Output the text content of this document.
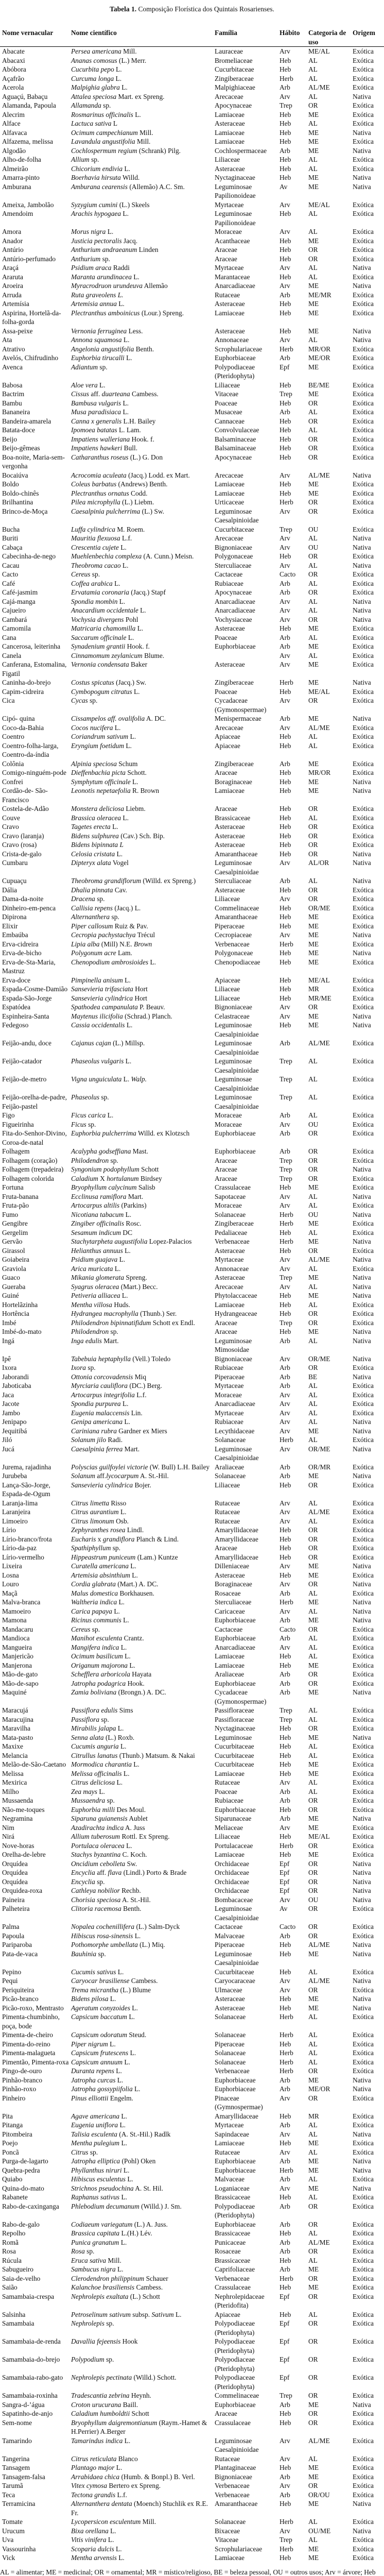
Tabela 1. Composição Florística dos Quintais Rosarienses.
Nome vernacular	Nome científico	Família	Hábito	Categoria de uso	Origem
Abacate	Persea americana Mill.	Lauraceae	Arv	ME/AL	Exótica
Abacaxi	Ananas comosus (L.) Merr.	Bromeliaceae	Heb	AL	Exótica
Abóbora	Cucurbita pepo L.	Cucurbitaceae	Heb	AL	Exótica
Açafrão	Curcuma longa L.	Zingiberaceae	Herb	AL	Exótica
Acerola	Malpighia glabra L.	Malpighiaceae	Arb	AL/ME	Exótica
Aguaçú, Babaçu	Attalea speciosa Mart. ex Spreng.	Arecaceae	Arv	AL	Nativa
Alamanda, Papoula	Allamanda sp.	Apocynaceae	Trep	OR	Exótica
Alecrim	Rosmarinus officinalis L.	Lamiaceae	Heb	ME	Exótica
Alface	Lactuca sativa L	Asteraceae	Heb	AL	Exótica
Alfavaca	Ocimum campechianum Mill.	Lamiaceae	Heb	ME	Nativa
Alfazema, melissa	Lavandula angustifolia Mill.	Lamiaceae	Heb	ME	Exótica
Algodão	Cochlospermum regium (Schrank) Pilg.	Cochlospermaceae	Arb	ME	Nativa
Alho-de-folha	Allium sp.	Liliaceae	Heb	AL	Exótica
Almeirão	Chicorium endivia L.	Asteraceae	Heb	AL	Exótica
Amarra-pinto	Boerhavia hirsuta Willd.	Nyctaginaceae	Heb	ME	Nativa
Amburana	Amburana cearensis (Allemão) A.C. Sm.	Leguminosae Papilionoideae	Av	ME	Nativa
Ameixa, Jambolão	Syzygium cumini (L.) Skeels	Myrtaceae	Arv	ME/AL	Exótica
Amendoim	Arachis hypogaea L.	Leguminosae Papilionoideae	Heb	AL	Exótica
Amora	Morus nigra L.	Moraceae	Arv	AL	Exótica
Anador	Justicia pectoralis Jacq.	Acanthaceae	Heb	ME	Exótica
Antúrio	Anthurium andraeanum Linden	Araceae	Heb	OR	Exótica
Antúrio-perfumado	Anthurium sp.	Araceae	Heb	OR	Exótica
Araçá	Psidium araca Raddi	Myrtaceae	Arv	AL	Nativa
Araruta	Maranta arundinacea L.	Marantaceae	Heb	AL	Exótica
Aroeira	Myracrodruon urundeuva Allemão	Anarcadiaceae	Arv	ME	Nativa
Arruda	Ruta graveolens L.	Rutaceae	Arb	ME/MR	Exótica
Artemísia	Artemisia annua L.	Asteraceae	Heb	ME	Exótica
Aspirina, Hortelã-da-folha-gorda	Plectranthus amboinicus (Lour.) Spreng.	Lamiaceae	Heb	ME	Exótica
Assa-peixe	Vernonia ferruginea Less.	Asteraceae	Heb	ME	Nativa
Ata	Annona squamosa L.	Annonaceae	Arv	AL	Nativa
Atrativo	Angelonia angustifolia Benth.	Scrophulariaceae	Herb	MR/OR	Exótica
Avelós, Chifrudinho	Euphorbia tirucalli L.	Euphorbiaceae	Arb	ME/OR	Exótica
Avenca	Adiantum sp.	Polypodiaceae (Pteridophyta)	Epf	ME	Exótica
Babosa	Aloe vera L.	Liliaceae	Heb	BE/ME	Exótica
Bactrim	Cissus aff. duarteana Cambess.	Vitaceae	Trep	ME	Exótica
Bambu	Bambusa vulgaris L.	Poaceae	Heb	OR	Exótica
Bananeira	Musa paradisiaca L.	Musaceae	Arb	AL	Exótica
Bandeira-amarela	Canna x generalis L.H. Bailey	Cannaceae	Heb	OR	Exótica
Batata-doce	Ipomoea batatas L. Lam.	Convolvulaceae	Heb	AL	Exótica
Beijo	Impatiens walleriana Hook. f.	Balsaminaceae	Heb	OR	Exótica
Beijo-gêmeas	Impatiens hawkeri Bull.	Balsaminaceae	Heb	OR	Exótica
Boa-noite, Maria-sem-vergonha	Catharanthus roseus (L.) G. Don	Apocynaceae	Heb	OR	Exótica
Bocaiúva	Acrocomia aculeata (Jacq.) Lodd. ex Mart.	Arecaceae	Arv	AL/ME	Nativa
Boldo	Coleus barbatus (Andrews) Benth.	Lamiaceae	Heb	ME	Exótica
Boldo-chinês	Plectranthus ornatus Codd.	Lamiaceae	Heb	ME	Exótica
Brilhantina	Pilea microphylla (L.) Liebm.	Urticaceae	Herb	OR	Exótica
Brinco-de-Moça	Caesalpinia pulcherrima (L.) Sw.	Leguminosae Caesalpinioidae	Arv	OR	Exótica
Bucha	Luffa cylindrica M. Roem.	Cucurbitaceae	Trep	OU	Exótica
Buriti	Mauritia flexuosa L.f.	Arecaceae	Arv	AL	Nativa
Cabaça	Crescentia cujete L.	Bignoniaceae	Arv	OU	Nativa
Cabecinha-de-nego	Muehlenbechia complexa (A. Cunn.) Meisn.	Polygonaceae	Heb	OR	Exótica
Cacau	Theobroma cacao L.	Sterculiaceae	Arv	AL	Nativa
Cacto	Cereus sp.	Cactaceae	Cacto	OR	Exótica
Café	Coffea arabica L.	Rubiaceae	Arb	AL	Exótica
Café-jasmim	Ervatamia coronaria (Jacq.) Stapf	Apocynaceae	Arb	OR	Exótica
Cajá-manga	Spondia mombin L.	Anarcadiaceae	Arv	AL	Nativa
Cajueiro	Anacardium occidentale L.	Anarcadiaceae	Arv	AL	Nativa
Cambará	Vochysia divergens Pohl	Vochysiaceae	Arv	OR	Nativa
Camomila	Matricaria chamomilla L.	Asteraceae	Heb	ME	Exótica
Cana	Saccarum officinale L.	Poaceae	Arb	AL	Exótica
Cancerosa, leiterinha	Synadenium grantii Hook. f.	Euphorbiaceae	Arb	ME	Exótica
Canela	Cinnamomum zeylanicum Blume.		Arv	AL	Exótica
Canferana, Estomalina, Figatil	Vernonia condensata Baker	Asteraceae	Arv	ME	Exótica
Caninha-do-brejo	Costus spicatus (Jacq.) Sw.	Zingiberaceae	Herb	ME	Nativa
Capim-cidreira	Cymbopogum citratus L.	Poaceae	Heb	ME/AL	Exótica
Cica	Cycas sp.	Cycadaceae (Gymonospermae)	Arv	OR	Exótica
Cipó- quina	Cissampelos aff. ovalifolia A. DC.	Menispermaceae	Arb	ME	Nativa
Coco-da-Bahia	Cocos nucifera L.	Arecaceae	Arv	AL/ME	Exótica
Coentro	Coriandrum sativum L.	Apiaceae	Heb	AL	Exótica
Coentro-folha-larga, Coentro-da-índia	Eryngium foetidum L.	Apiaceae	Heb	AL	Exótica
Colônia	Alpinia speciosa Schum	Zingiberaceae	Arb	ME	Exótica
Comigo-ninguém-pode	Dieffenbachia picta Schott.	Araceae	Heb	MR/OR	Exótica
Confrei	Symphytum officinale L.	Boraginaceae	Heb	ME	Nativa
Cordão-de- São-Francisco	Leonotis nepetaefolia R. Brown	Lamiaceae	Heb	ME	Nativa
Costela-de-Adão	Monstera deliciosa Liebm.	Araceae	Heb	OR	Exótica
Couve	Brassica oleracea L.	Brassicaceae	Heb	AL	Exótica
Cravo	Tagetes erecta L.	Asteraceae	Heb	OR	Exótica
Cravo (laranja)	Bidens sulphurea (Cav.) Sch. Bip.	Asteraceae	Heb	OR	Exótica
Cravo (rosa)	Bidens bipinnata L	Asteraceae	Heb	OR	Exótica
Crista-de-galo	Celosia cristata L.	Amaranthaceae	Heb	OR	Nativa
Cumbaru	Dipteryx alata Vogel	Leguminosae Caesalpinioidae	Arv	AL/OR	Nativa
Cupuaçu	Theobroma grandiflorum (Willd. ex Spreng.)	Sterculiaceae	Arb	AL	Nativa
Dália	Dhalia pinnata Cav.	Asteraceae	Heb	OR	Exótica
Dama-da-noite	Dracena sp.	Liliaceae	Arv	OR	Exótica
Dinheiro-em-penca	Callisia repens (Jacq.) L.	Commelinaceae	Heb	OR/ME	Exótica
Dipirona	Alternanthera sp.	Amaranthaceae	Heb	ME	Exótica
Elixir	Piper callosum Ruiz & Pav.	Piperaceae	Heb	ME	Exótica
Embaúba	Cecropia pachystachya Trécul	Cecropiaceae	Arv	ME	Nativa
Erva-cidreira	Lipia alba (Mill) N.E. Brown	Verbenaceae	Herb	ME	Exótica
Erva-de-bicho	Polygonum acre Lam.	Polygonaceae	Heb	ME	Nativa
Erva-de-Sta-Maria, Mastruz	Chenopodium ambrosioides L.	Chenopodiaceae	Heb	ME	Exótica
Erva-doce	Pimpinella anisum L.	Apiaceae	Heb	ME/AL	Exótica
Espada-Cosme-Damião	Sansevieria trifasciata Hort	Liliaceae	Heb	MR	Exótica
Espada-São-Jorge	Sansevieria cylindrica Hort	Liliaceae	Heb	MR/ME	Exótica
Espatódea	Spathodea campanulata P. Beauv.	Bignoniaceae	Arv	OR	Exótica
Espinheira-Santa	Maytenus ilicifolia (Schrad.) Planch.	Celastraceae	Arv	ME	Nativa
Fedegoso	Cassia occidentalis L.	Leguminosae Caesalpinioidae	Heb	ME	Nativa
Feijão-andu, doce	Cajanus cajan (L.) Millsp.	Leguminosae Caesalpinioidae	Arb	AL/ME	Exótica
Feijão-catador	Phaseolus vulgaris L.	Leguminosae Caesalpinioidae	Trep	AL	Exótica
Feijão-de-metro	Vigna unguiculata L. Walp.	Leguminosae Caesalpinioidae	Trep	AL	Exótica
Feijão-orelha-de-padre, Feijão-pastel	Phaseolus sp.	Leguminosae Caesalpinioidae	Trep	AL	Exótica
Figo	Ficus carica L.	Moraceae	Arb	AL	Exótica
Figueirinha	Ficus sp.	Moraceae	Arv	OU	Exótica
Fita-do-Senhor-Divino, Coroa-de-natal	Euphorbia pulcherrima Willd. ex Klotzsch	Euphorbiaceae	Arb	OR	Exótica
Folhagem	Acalypha godseffiana Mast.	Euphorbiaceae	Arb	OR	Exótica
Folhagem (coração)	Philodendron sp.	Araceae	Trep	OR	Exótica
Folhagem (trepadeira)	Syngonium podophyllum Schott	Araceae	Trep	OR	Nativa
Folhagem colorida	Caladium X hortulanum Birdsey	Araceae	Trep	OR	Exótica
Fortuna	Bryophyllum calycinum Salisb	Crassulaceae	Heb	ME	Exótica
Fruta-banana	Ecclinusa ramiflora Mart.	Sapotaceae	Arv	AL	Nativa
Fruta-pão	Artocarpus altilis (Parkins)	Moraceae	Arv	AL	Exótica
Fumo	Nicotiana tabacum L.	Solanaceae	Herb	OU	Nativa
Gengibre	Zingiber officinalis Rosc.	Zingiberaceae	Herb	ME	Exótica
Gergelim	Sesamum indicum DC	Pedaliaceae	Heb	AL	Exótica
Gervão	Stachytarpheta augustifolia Lopez-Palacios	Verbenaceae	Herb	ME	Nativa
Girassol	Helianthus annuus L.	Asteraceae	Heb	OR	Exótica
Goiabeira	Psidium guajava L.	Myrtaceae	Arv	AL/ME	Nativa
Graviola	Arica muricata L.	Annonaceae	Arv	AL	Exótica
Guaco	Mikania glomerata Spreng.	Asteraceae	Trep	ME	Nativa
Gueraba	Syagrus oleracea (Mart.) Becc.	Arecaceae	Arv	AL	Nativa
Guiné	Petiveria alliacea L.	Phytolaccaceae	Heb	ME	Nativa
Hortelãzinha	Mentha villosa Huds.	Lamiaceae	Heb	AL	Exótica
Hortência	Hydrangea macrophylla (Thunb.) Ser.	Hydrangeaceae	Heb	OR	Exótica
Imbé	Philodendron bipinnatifidum Schott ex Endl.	Araceae	Trep	OR	Exótica
Imbé-do-mato	Philodendron sp.	Araceae	Heb	ME	Nativa
Ingá	Inga edulis Mart.	Leguminosae Mimosoidae	Arb	AL	Nativa
Ipê	Tabebuia heptaphylla (Vell.) Toledo	Bignoniaceae	Arv	OR/ME	Nativa
Ixora	Ixora sp.	Rubiaceae	Arb	OR	Exótica
Jaborandi	Ottonia corcovadensis Miq	Piperaceae	Arb	BE	Nativa
Jaboticaba	Myrciaria cauliflora (DC.) Berg.	Myrtaceae	Arb	AL	Exótica
Jaca	Artocarpus integrifolia L.f.	Moraceae	Arv	AL	Exótica
Jacote	Spondia purpurea L.	Anarcadiaceae	Arv	AL	Exótica
Jambo	Eugenia malaccensis Lin.	Myrtaceae	Arv	AL	Exótica
Jenipapo	Genipa americana L.	Rubiaceae	Arv	AL	Nativa
Jequitibá	Cariniana rubra Gardner ex Miers	Lecythidaceae	Arv	ME	Nativa
Jiló	Solanum jilo Radi.	Solanaceae	Herb	AL	Exótica
Jucá	Caesalpinia ferrea Mart.	Leguminosae Caesalpinioidae	Arv	OR/ME	Nativa
Jurema, rajadinha	Polyscias guilfoylei victorie (W. Bull) L.H. Bailey	Araliaceae	Arb	OR/MR	Exótica
Jurubeba	Solanum aff.lycocarpum A. St.-Hil.	Solanaceae	Arb	ME	Nativa
Lança-São-Jorge, Espada-de-Ogum	Sansevieria cylindrica Bojer.	Liliaceae	Heb	OR	Exótica
Laranja-lima	Citrus limetta Risso	Rutaceae	Arv	AL	Exótica
Laranjeira	Citrus aurantium L.	Rutaceae	Arv	AL/ME	Exótica
Limoeiro	Citrus limonum Osb.	Rutaceae	Arv	AL	Exótica
Lírio	Zephyranthes rosea Lindl.	Amaryllidaceae	Heb	OR	Exótica
Lírio-branco/frota	Eucharis x grandiflora Planch & Lind.	Amaryllidaceae	Heb	OR	Exótica
Lírio-da-paz	Spathiphyllum sp.	Araceae	Heb	OR	Exótica
Lírio-vermelho	Hippeastrum puniceum (Lam.) Kuntze	Amaryllidaceae	Heb	OR	Exótica
Lixeira	Curatella americana L.	Dilleniaceae	Arv	ME	Nativa
Losna	Artemisia absinthium L.	Asteraceae	Heb	ME	Exótica
Louro	Cordia glabrata (Mart.) A. DC.	Boraginaceae	Arv	OR	Nativa
Maçã	Malus domestica Borkhausen.	Rosaceae	Arb	AL	Exótica
Malva-branca	Waltheria indica L.	Sterculiaceae	Herb	ME	Nativa
Mamoeiro	Carica papaya L.	Caricaceae	Arv	AL	Nativa
Mamona	Ricinus communis L.	Euphorbiaceae	Arb	ME	Nativa
Mandacaru	Cereus sp.	Cactaceae	Cacto	OR	Exótica
Mandioca	Manihot esculenta Crantz.	Euphorbiaceae	Arb	AL	Exótica
Mangueira	Mangifera indica L.	Anarcadiaceae	Arv	AL	Exótica
Manjericão	Ocimum basilicum L.	Lamiaceae	Heb	AL	Exótica
Manjerona	Origanum majorona L.	Lamiaceae	Heb	ME	Exótica
Mão-de-gato	Schefflera arboricola Hayata	Araliaceae	Arb	OR	Exótica
Mão-de-sapo	Jatropha podagrica Hook.	Euphorbiaceae	Arb	OR	Exótica
Maquiné	Zamia boliviana (Brongn.) A. DC.	Cycadaceae (Gymonospermae)	Arb	ME	Nativa
Maracujá	Passiflora edulis Sims	Passifloraceae	Trep	AL	Exótica
Maracujina	Passiflora sp.	Passifloraceae	Trep	AL	Exótica
Maravilha	Mirabilis jalapa L.	Nyctaginaceae	Heb	OR	Exótica
Mata-pasto	Senna alata (L.) Roxb.	Leguminosae	Heb	ME	Nativa
Maxixe	Cucumis anguria L.	Cucurbitaceae	Heb	AL	Exótica
Melancia	Citrullus lanatus (Thunb.) Matsum. & Nakai	Cucurbitaceae	Heb	AL	Exótica
Melão-de-São-Caetano	Mormodica charantia L.	Cucurbitaceae	Heb	ME	Exótica
Melissa	Melissa officinalis L.	Lamiaceae	Heb	ME	Exótica
Mexirica	Citrus deliciosa L.	Rutaceae	Arv	AL	Exótica
Milho	Zea mays L.	Poaceae	Arb	AL	Exótica
Mussaenda	Mussaendra sp.	Rubiaceae	Arb	OR	Exótica
Não-me-toques	Euphorbia milli Des Moul.	Euphorbiaceae	Heb	OR	Exótica
Negramina	Siparuna guianensis Aublet	Siparunaceae	Arb	ME	Nativa
Nim	Azadirachta indica A. Juss	Meliaceae	Arv	ME	Exótica
Nirá	Allium tuberosum Rottl. Ex Spreng.	Liliaceae	Heb	ME/AL	Exótica
Nove-horas	Portulaca oleracea L.	Portulacaceae	Herb	OR	Exótica
Orelha-de-lebre	Stachys byzantina C. Koch.	Lamiaceae	Heb	ME	Exótica
Orquídea	Oncidium cebolleta Sw.	Orchidaceae	Epf	OR	Nativa
Orquídea	Encyclia aff. flava (Lindl.) Porto & Brade	Orchidaceae	Epf	OR	Nativa
Orquídea	Encyclia sp.	Orchidaceae	Epf	OR	Nativa
Orquidea-roxa	Cathleya nobilior Rechb.	Orchidaceae	Epf	OR	Nativa
Paineira	Chorisia speciosa A. St.-Hil.	Bombacaceae	Arv	OU	Nativa
Palheteira	Clitoria racemosa Benth.	Leguminosae Caesalpinioidae	Av	OR	Exótica
Palma	Nopalea cochenillifera (L.) Salm-Dyck	Cactaceae	Cacto	OR	Exótica
Papoula	Hibiscus rosa-sinensis L.	Malvaceae	Arb	OR	Exótica
Pariparoba	Pothomorphe umbellata (L.) Miq.	Piperaceae	Heb	AL/ME	Nativa
Pata-de-vaca	Bauhinia sp.	Leguminosae Caesalpinioidae	Heb	ME	Nativa
Pepino	Cucumis sativus L.	Cucurbitaceae	Heb	AL	Exótica
Pequi	Caryocar brasiliense Cambess.	Caryocaraceae	Arv	AL/ME	Nativa
Periquiteira	Trema micrantha (L.) Blume	Ulmaceae	Arv	OR	Exótica
Picão-branco	Bidens pilosa L.	Asteraceae	Heb	ME	Nativa
Picão-roxo, Mentrasto	Ageratum conyzoides L.	Asteraceae	Heb	ME	Nativa
Pimenta-chumbinho, poça, bode	Capsicum baccatum L.	Solanaceae	Herb	AL	Exótica
Pimenta-de-cheiro	Capsicum odoratum Steud.	Solanaceae	Herb	AL	Exótica
Pimenta-do-reino	Piper nigrum L.	Piperaceae	Heb	AL	Exótica
Pimenta-malagueta	Capsicum frutescens L.	Solanaceae	Herb	AL	Exótica
Pimentão, Pimenta-roxa	Capsicum annuum L.	Solanaceae	Herb	AL	Exótica
Pingo-de-ouro	Duranta repens L.	Verbenaceae	Herb	OR	Exótica
Pinhão-branco	Jatropha curcas L.	Euphorbiaceae	Arb	ME	Nativa
Pinhão-roxo	Jatropha gossypiifolia L.	Euphorbiaceae	Arb	ME/OR	Nativa
Pinheiro	Pinus elliottii Engelm.	Pinaceae (Gymnospermae)	Arv	OR	Exótica
Pita	Agave americana L.	Amaryllidaceae	Heb	MR	Exótica
Pitanga	Eugenia uniflora L.	Myrtaceae	Arb	AL	Exótica
Pitombeira	Talisia esculenta (A. St.-Hil.) Radlk	Sapindaceae	Arv	AL	Nativa
Poejo	Mentha pulegium L.	Lamiaceae	Heb	ME	Exótica
Poncã	Citrus sp.	Rutaceae	Arv	AL	Exótica
Purga-de-lagarto	Jatropha elliptica (Pohl) Oken	Euphorbiaceae	Arb	ME	Nativa
Quebra-pedra	Phyllanthus niruri L.	Euphorbiaceae	Herb	ME	Nativa
Quiabo	Hibiscus esculentus L.	Malvaceae	Arb	AL	Exótica
Quina-do-mato	Strichnos pseudochina A. St. Hil.	Loganiaceae	Arv	ME	Nativa
Rabanete	Raphanus sativus L.	Brassicaceae	Heb	AL	Exótica
Rabo-de-caxinganga	Phlebodium decumanum (Willd.) J. Sm.	Polypodiaceae (Pteridophyta)	Arb	OR	Exótica
Rabo-de-galo	Codiaeum variegatum (L.) A. Juss.	Euphorbiaceae	Arb	OR	Exótica
Repolho	Brassica capitata L.(H.) Lév.	Brassicaceae	Heb	AL	Exótica
Romã	Punica granatum L.	Punicaceae	Arb	AL/ME	Exótica
Rosa	Rosa sp.	Rosaceae	Arb	OR	Exótica
Rúcula	Eruca sativa Mill.	Brassicaceae	Heb	AL	Exótica
Sabugueiro	Sambucus nigra L.	Caprifoliaceae	Arb	ME	Exótica
Saia-de-velho	Clerodendron philippinum Schauer	Verbenaceae	Herb	OR	Exótica
Saião	Kalanchoe brasiliensis Cambess.	Crassulaceae	Heb	ME	Exótica
Samambaia-crespa	Nephrolepis exaltata (L.) Schott	Nephrolepidaceae (Pteridofita)	Epf	OR	Exótica
Salsinha	Petroselinum sativum subsp. Sativum L.	Apiaceae	Heb	AL	Exótica
Samambaia	Nephrolepis sp.	Polypodiaceae (Pteridophyta)	Epf	OR	Exótica
Samambaia-de-renda	Davallia fejeensis Hook	Polypodiaceae (Pteridophyta)	Epf	OR	Exótica
Samambaia-do-brejo	Polypodium sp.	Polypodiaceae (Pteridophyta)	Epf	OR	Exótica
Samambaia-rabo-gato	Nephrolepis pectinata (Willd.) Schott.	Polypodiaceae (Pteridophyta)	Epf	OR	Exótica
Samambaia-roxinha	Tradescantia zebrina Heynh.	Commelinaceae	Trep	OR	Exótica
Sangra-d-’água	Croton urucurana Baill.	Euphorbiaceae	Arb	ME	Nativa
Sapatinho-de-anjo	Caladium humboldtii Schott	Araceae	Heb	OR	Exótica
Sem-nome	Bryophyllum daigremontianum (Raym.-Hamet & H.Perrier) A.Berger	Crassulaceae	Heb	OR	Exótica
Tamarindo	Tamarindus indica L.	Leguminosae Caesalpinioidae	Arv	AL/ME	Exótica
Tangerina	Citrus reticulata Blanco	Rutaceae	Arv	AL	Exótica
Tansagem	Plantago major L.	Plantaginaceae	Heb	ME	Exótica
Tansagem-falsa	Arrabidaea chica (Humb. & Bonpl.) B. Verl.	Bignoniaceae	Arb	ME	Exótica
Tarumã	Vitex cymosa Bertero ex Spreng.	Verbenaceae	Arv	OR	Exótica
Teca	Tectona grandis L.f.	Verbenaceae	Arb	OR/OU	Exótica
Terramicina	Alternanthera dentata (Moench) Stuchlik ex R.E. Fr.	Amaranthaceae	Heb	ME	Nativa
Tomate	Lycopersicon esculentum Mill.	Solanaceae	Herb	AL	Exótica
Urucum	Bixa orellana L.	Bixaceae	Arv	OU/ME	Nativa
Uva	Vitis vinifera L.	Vitaceae	Trep	AL	Exótica
Vassourinha	Scoparia dulcis L.	Scrophulariaceae	Herb	ME	Exótica
Vick	Mentha arvensis L.	Lamiaceae	Heb	ME	Exótica
AL = alimentar; ME = medicinal; OR = ornamental; MR = místico/religioso, BE = beleza pessoal, OU = outros usos; Arv = árvore; Heb
